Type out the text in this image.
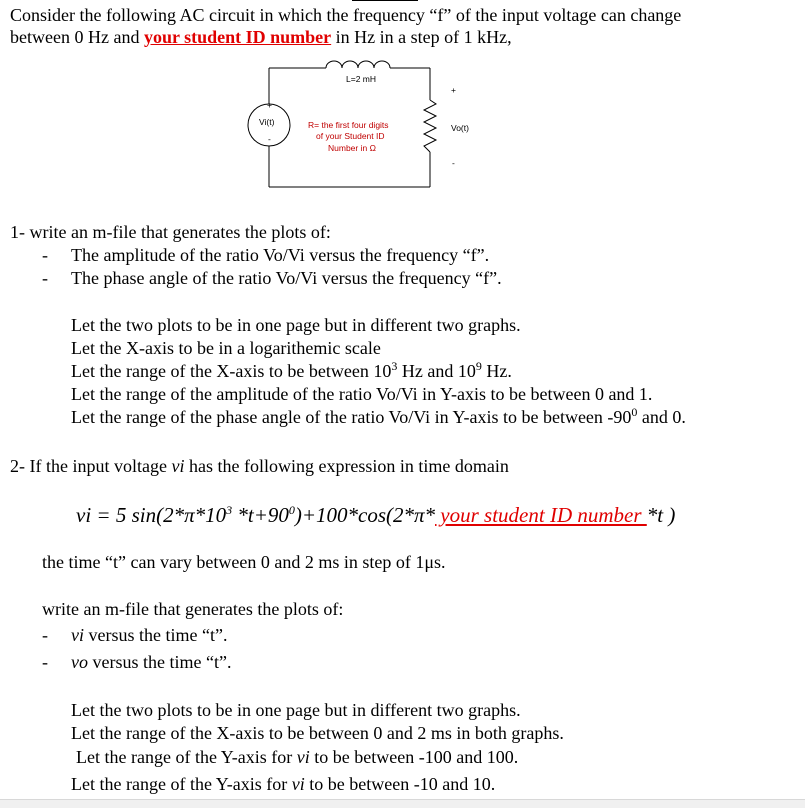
Consider the following AC circuit in which the frequency “f” of the input voltage can change
between 0 Hz and your student ID number in Hz in a step of 1 kHz,
L=2 mH
+
Vi(t)
-
R= the first four digits
of your Student ID
Number in Ω
+
Vo(t)
-
1- write an m-file that generates the plots of:
- The amplitude of the ratio Vo/Vi versus the frequency “f”.
- The phase angle of the ratio Vo/Vi versus the frequency “f”.
Let the two plots to be in one page but in different two graphs.
Let the X-axis to be in a logarithemic scale
Let the range of the X-axis to be between $10^3$ Hz and $10^9$ Hz.
Let the range of the amplitude of the ratio Vo/Vi in Y-axis to be between 0 and 1.
Let the range of the phase angle of the ratio Vo/Vi in Y-axis to be between $-90^0$ and 0.
2- If the input voltage vi has the following expression in time domain
vi = 5 $\sin(2*\pi*10^3$ $*t+90^0)+100*\cos(2*\pi*$ your student ID number *t )
the time “t” can vary between 0 and 2 ms in step of 1μs.
write an m-file that generates the plots of:
- vi versus the time “t”.
- vo versus the time “t”.
Let the two plots to be in one page but in different two graphs.
Let the range of the X-axis to be between 0 and 2 ms in both graphs.
Let the range of the Y-axis for vi to be between -100 and 100.
Let the range of the Y-axis for vi to be between -10 and 10.
